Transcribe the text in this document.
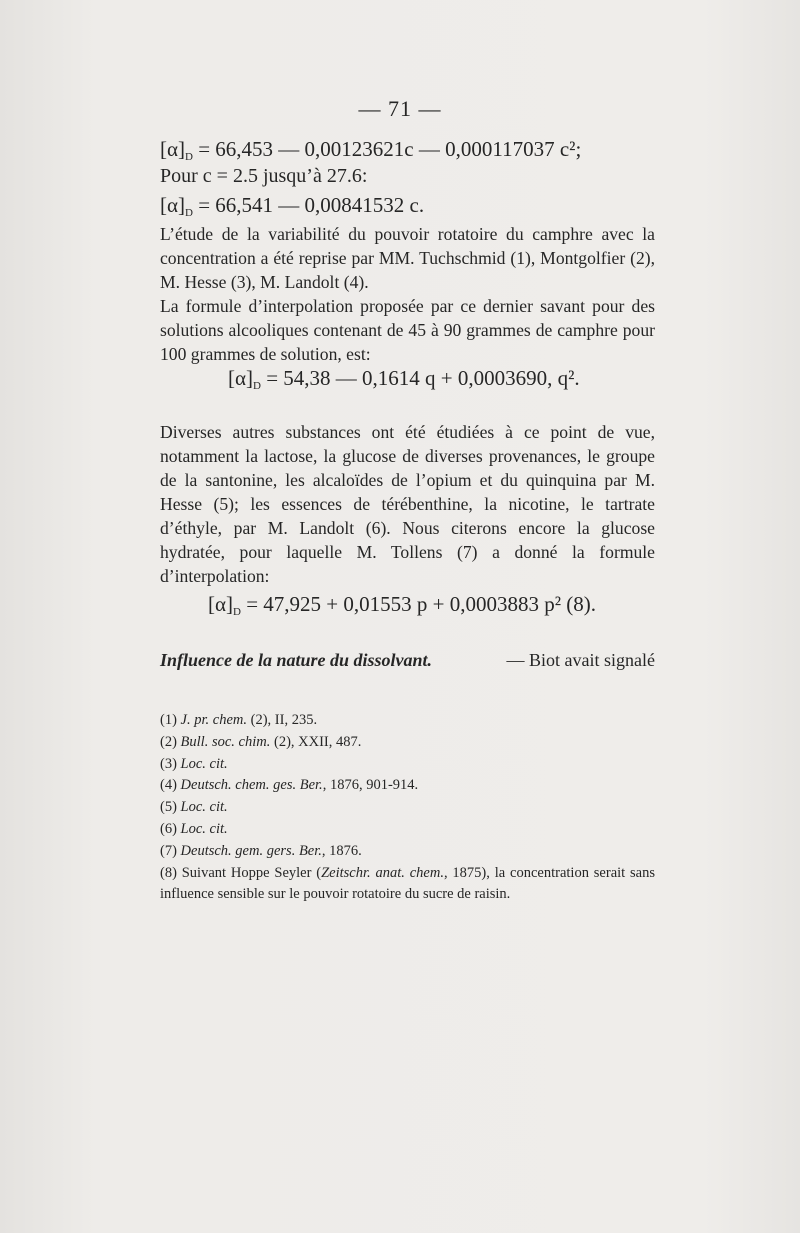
— 71 —
$[\alpha]_D = 66,453$ — 0,00123621c — 0,000117037 c²;
Pour c = 2.5 jusqu’à 27.6:
$[\alpha]_D = 66,541$ — 0,00841532 c.

L’étude de la variabilité du pouvoir rotatoire du camphre avec la concentration a été reprise par MM. Tuchschmid (1), Montgolfier (2), M. Hesse (3), M. Landolt (4).

La formule d’interpolation proposée par ce dernier savant pour des solutions alcooliques contenant de 45 à 90 grammes de camphre pour 100 grammes de solution, est:

$[\alpha]_D = 54,38$ — 0,1614 q + 0,0003690, q².

Diverses autres substances ont été étudiées à ce point de vue, notamment la lactose, la glucose de diverses provenances, le groupe de la santonine, les alcaloïdes de l’opium et du quinquina par M. Hesse (5); les essences de térébenthine, la nicotine, le tartrate d’éthyle, par M. Landolt (6). Nous citerons encore la glucose hydratée, pour laquelle M. Tollens (7) a donné la formule d’interpolation:

$[\alpha]_D = 47,925 + 0,01553$ p + 0,0003883 p² (8).
Influence de la nature du dissolvant.	— Biot avait signalé
(1) J. pr. chem. (2), II, 235.
(2) Bull. soc. chim. (2), XXII, 487.
(3) Loc. cit.
(4) Deutsch. chem. ges. Ber., 1876, 901-914.
(5) Loc. cit.
(6) Loc. cit.
(7) Deutsch. gem. gers. Ber., 1876.
(8) Suivant Hoppe Seyler (Zeitschr. anat. chem., 1875), la concentration serait sans influence sensible sur le pouvoir rotatoire du sucre de raisin.
